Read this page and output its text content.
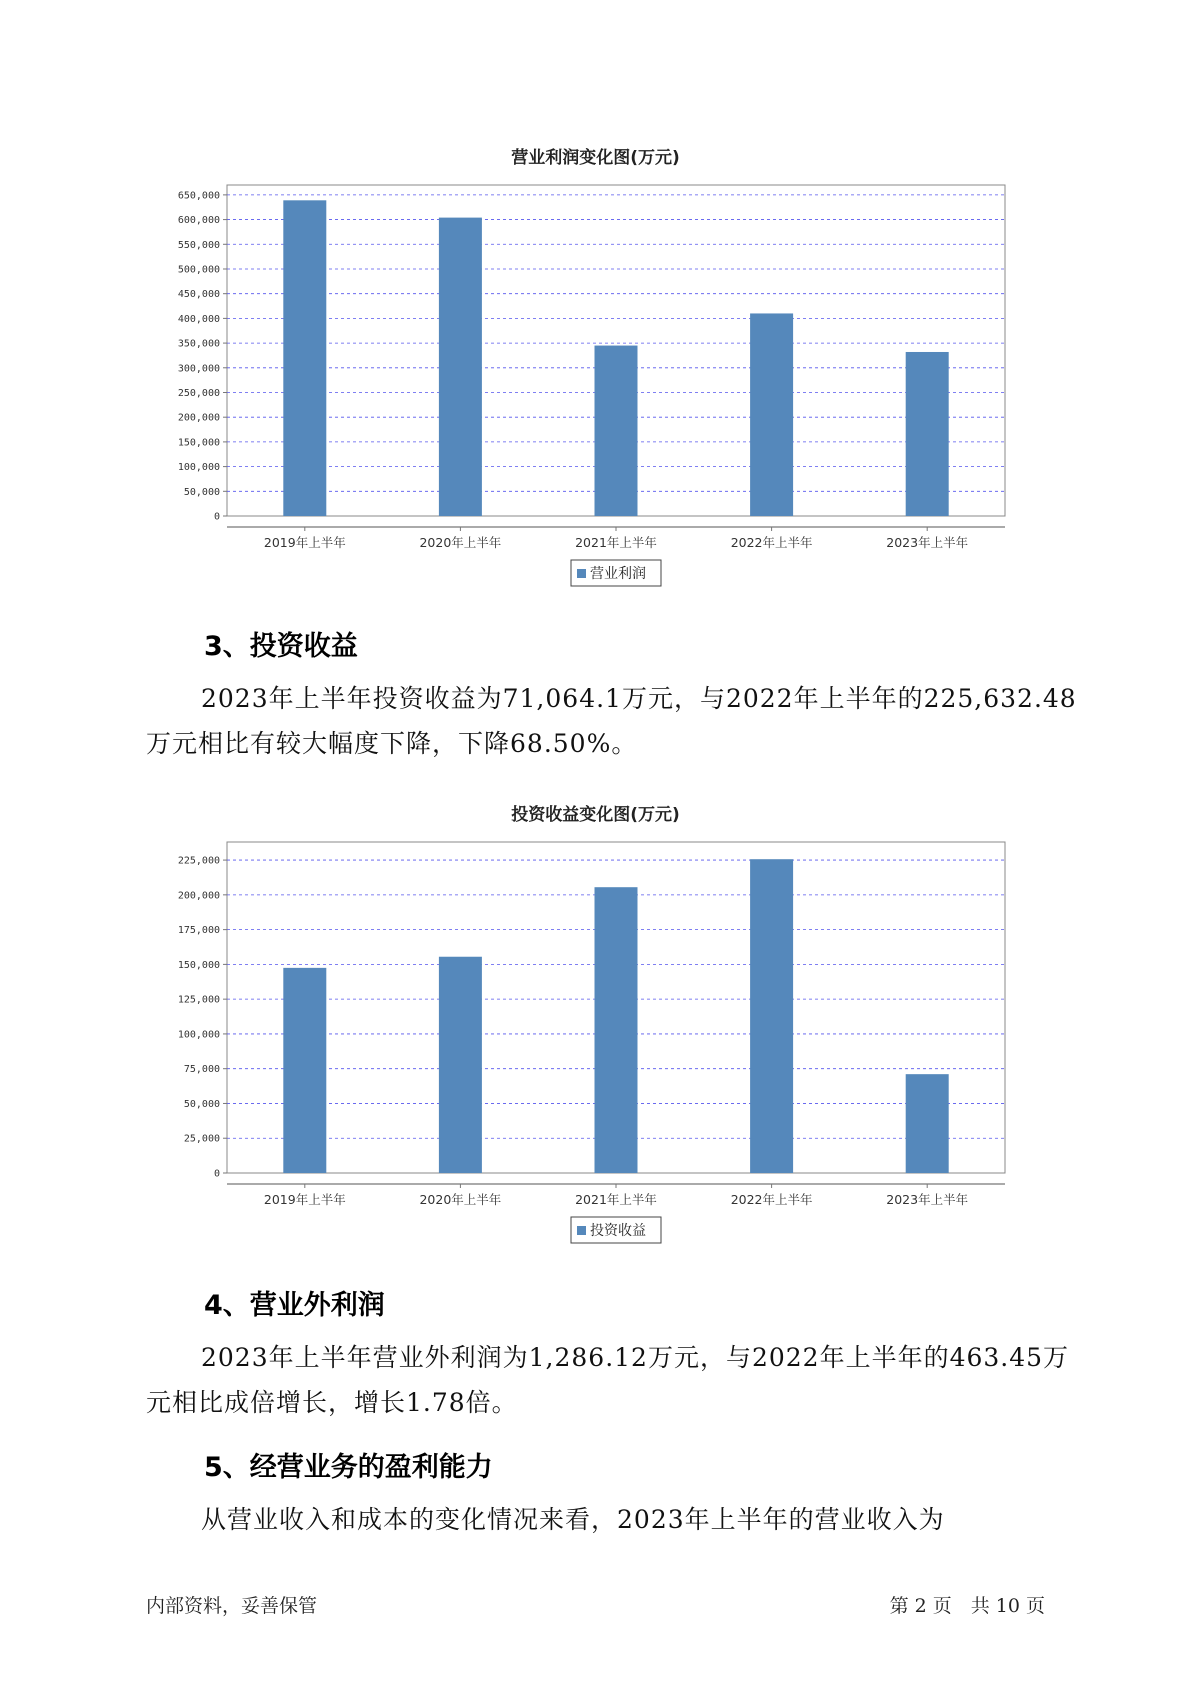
营业利润变化图(万元)
0
50,000
100,000
150,000
200,000
250,000
300,000
350,000
400,000
450,000
500,000
550,000
600,000
650,000
2019年上半年	2020年上半年	2021年上半年	2022年上半年	2023年上半年
营业利润
3、投资收益

2023年上半年投资收益为71,064.1万元，与2022年上半年的225,632.48万元相比有较大幅度下降，下降68.50%。

投资收益变化图(万元)
0
25,000
50,000
75,000
100,000
125,000
150,000
175,000
200,000
225,000
2019年上半年	2020年上半年	2021年上半年	2022年上半年	2023年上半年
投资收益
4、营业外利润

2023年上半年营业外利润为1,286.12万元，与2022年上半年的463.45万元相比成倍增长，增长1.78倍。

5、经营业务的盈利能力

从营业收入和成本的变化情况来看，2023年上半年的营业收入为

内部资料，妥善保管	第 2 页　共 10 页
